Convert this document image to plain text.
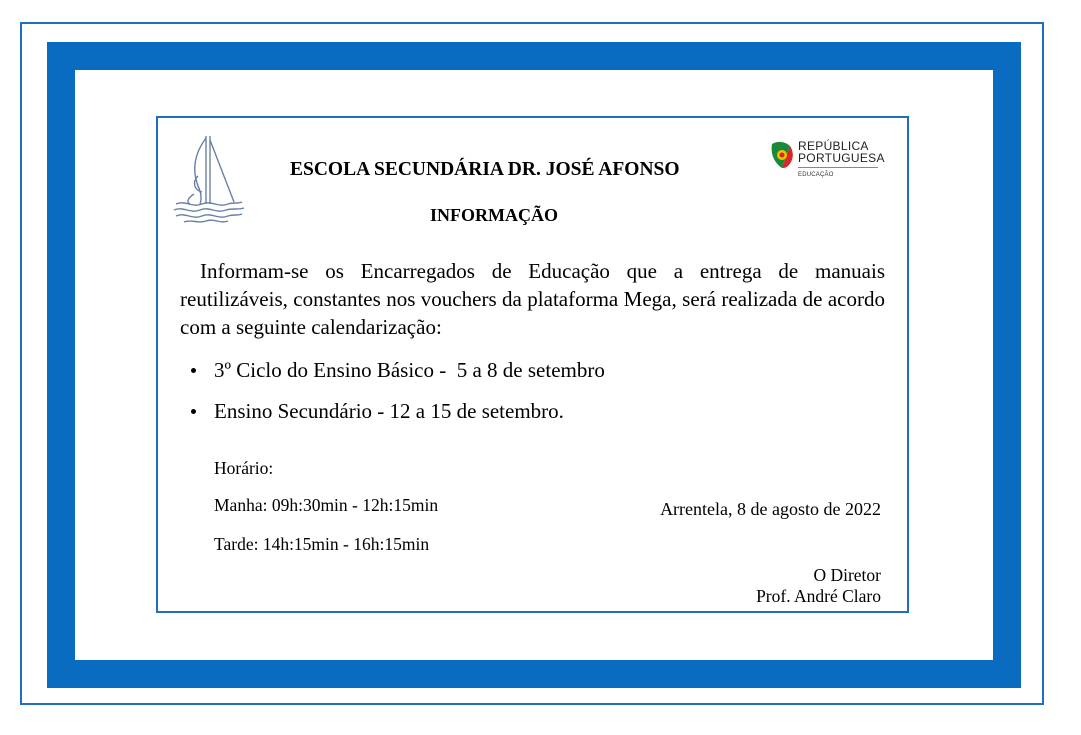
REPÚBLICA
PORTUGUESA
EDUCAÇÃO
ESCOLA SECUNDÁRIA DR. JOSÉ AFONSO
INFORMAÇÃO

Informam-se os Encarregados de Educação que a entrega de manuais reutilizáveis, constantes nos vouchers da plataforma Mega, será realizada de acordo com a seguinte calendarização:

3º Ciclo do Ensino Básico -  5 a 8 de setembro
Ensino Secundário - 12 a 15 de setembro.
Horário:
Manha: 09h:30min - 12h:15min
Tarde: 14h:15min - 16h:15min
Arrentela, 8 de agosto de 2022
O Diretor
Prof. André Claro
